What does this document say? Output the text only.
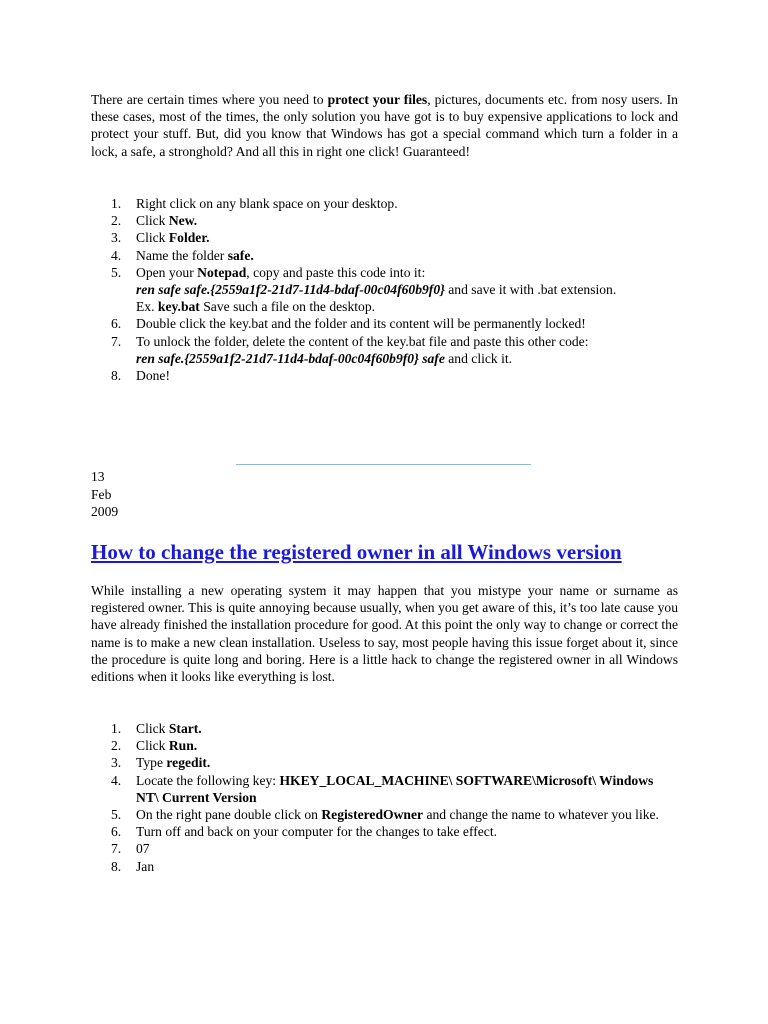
There are certain times where you need to protect your files, pictures, documents etc. from nosy users. In these cases, most of the times, the only solution you have got is to buy expensive applications to lock and protect your stuff. But, did you know that Windows has got a special command which turn a folder in a lock, a safe, a stronghold? And all this in right one click! Guaranteed!

1. Right click on any blank space on your desktop.
2. Click New.
3. Click Folder.
4. Name the folder safe.
5. Open your Notepad, copy and paste this code into it:
ren safe safe.{2559a1f2-21d7-11d4-bdaf-00c04f60b9f0} and save it with .bat extension.
Ex. key.bat Save such a file on the desktop.
6. Double click the key.bat and the folder and its content will be permanently locked!
7. To unlock the folder, delete the content of the key.bat file and paste this other code:
ren safe.{2559a1f2-21d7-11d4-bdaf-00c04f60b9f0} safe and click it.
8. Done!
13
Feb
2009
How to change the registered owner in all Windows version

While installing a new operating system it may happen that you mistype your name or surname as registered owner. This is quite annoying because usually, when you get aware of this, it’s too late cause you have already finished the installation procedure for good. At this point the only way to change or correct the name is to make a new clean installation. Useless to say, most people having this issue forget about it, since the procedure is quite long and boring. Here is a little hack to change the registered owner in all Windows editions when it looks like everything is lost.

1. Click Start.
2. Click Run.
3. Type regedit.
4. Locate the following key: HKEY_LOCAL_MACHINE\ SOFTWARE\Microsoft\ Windows NT\ Current Version
5. On the right pane double click on RegisteredOwner and change the name to whatever you like.
6. Turn off and back on your computer for the changes to take effect.
7. 07
8. Jan
